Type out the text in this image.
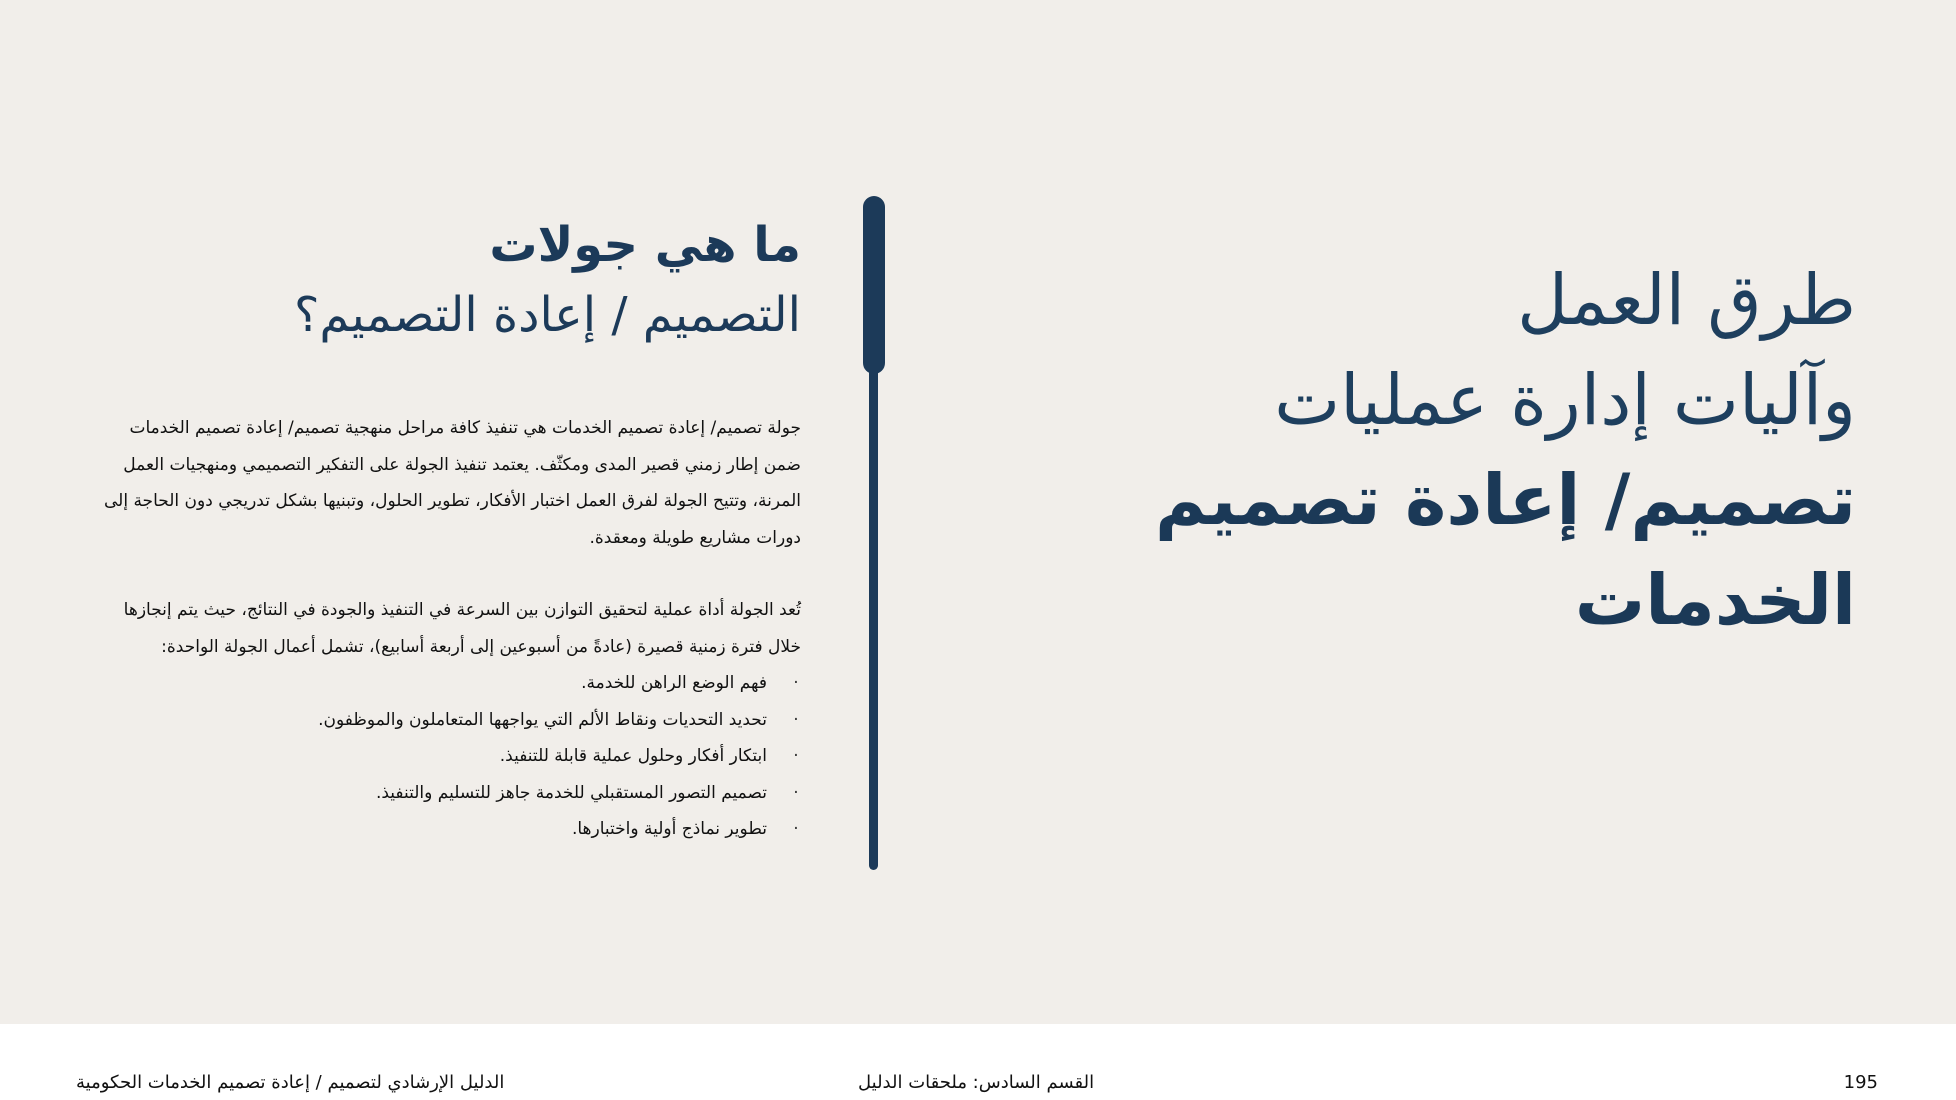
طرق العمل
وآليات إدارة عمليات
تصميم/ إعادة تصميم
الخدمات
ما هي جولات
التصميم / إعادة التصميم؟

جولة تصميم/ إعادة تصميم الخدمات هي تنفيذ كافة مراحل منهجية تصميم/ إعادة تصميم الخدمات ضمن إطار زمني قصير المدى ومكثّف. يعتمد تنفيذ الجولة على التفكير التصميمي ومنهجيات العمل المرنة، وتتيح الجولة لفرق العمل اختبار الأفكار، تطوير الحلول، وتبنيها بشكل تدريجي دون الحاجة إلى دورات مشاريع طويلة ومعقدة.

تُعد الجولة أداة عملية لتحقيق التوازن بين السرعة في التنفيذ والجودة في النتائج، حيث يتم إنجازها خلال فترة زمنية قصيرة (عادةً من أسبوعين إلى أربعة أسابيع)، تشمل أعمال الجولة الواحدة:

·
فهم الوضع الراهن للخدمة.
·
تحديد التحديات ونقاط الألم التي يواجهها المتعاملون والموظفون.
·
ابتكار أفكار وحلول عملية قابلة للتنفيذ.
·
تصميم التصور المستقبلي للخدمة جاهز للتسليم والتنفيذ.
·
تطوير نماذج أولية واختبارها.
الدليل الإرشادي لتصميم / إعادة تصميم الخدمات الحكومية	القسم السادس: ملحقات الدليل	195
